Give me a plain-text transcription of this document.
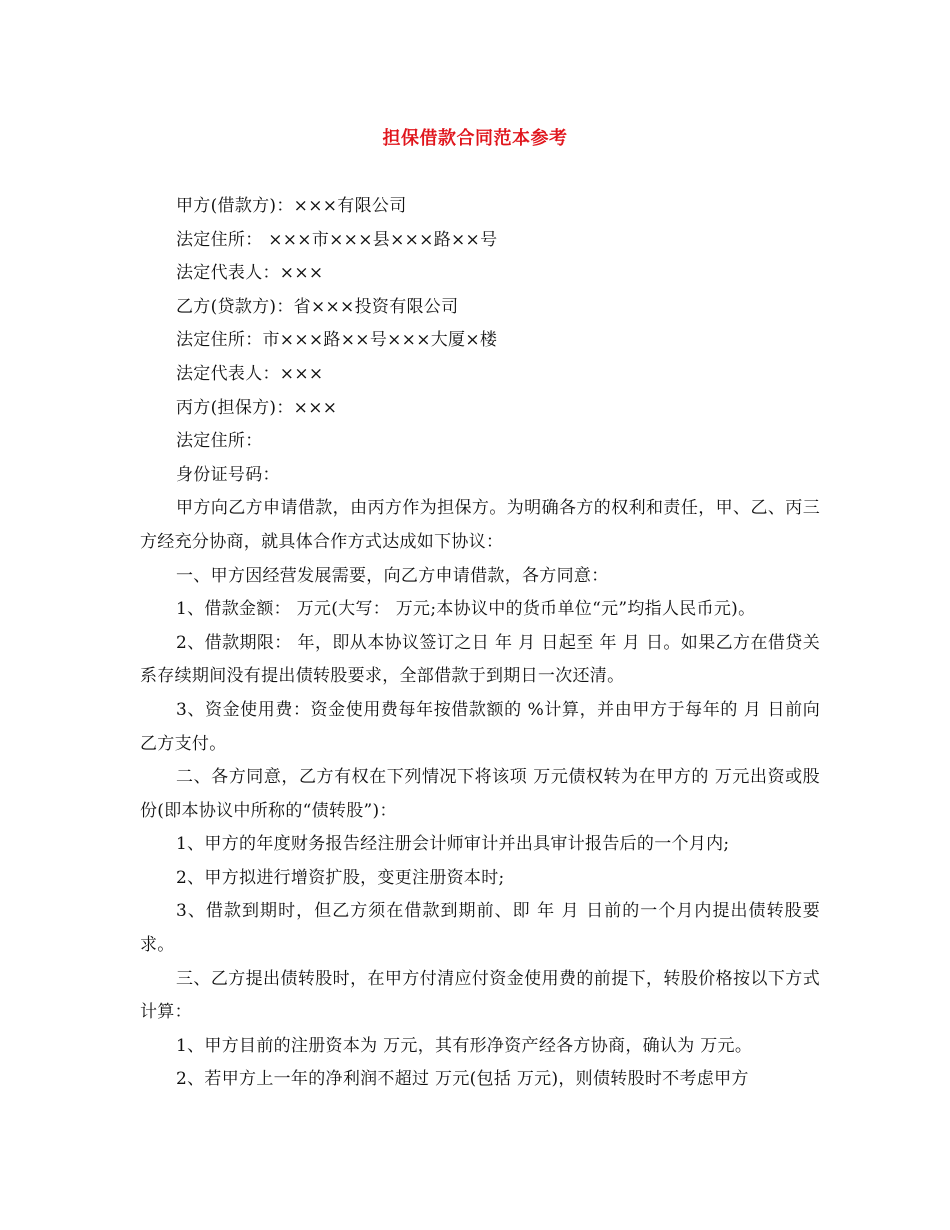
担保借款合同范本参考

甲方(借款方)：×××有限公司

法定住所： ×××市×××县×××路××号

法定代表人：×××

乙方(贷款方)：省×××投资有限公司

法定住所：市×××路××号×××大厦×楼

法定代表人：×××

丙方(担保方)：×××

法定住所：

身份证号码：

甲方向乙方申请借款，由丙方作为担保方。为明确各方的权利和责任，甲、乙、丙三方经充分协商，就具体合作方式达成如下协议：

一、甲方因经营发展需要，向乙方申请借款，各方同意：

1、借款金额： 万元(大写： 万元;本协议中的货币单位“元”均指人民币元)。

2、借款期限： 年，即从本协议签订之日 年 月 日起至 年 月 日。如果乙方在借贷关系存续期间没有提出债转股要求，全部借款于到期日一次还清。

3、资金使用费：资金使用费每年按借款额的 %计算，并由甲方于每年的 月 日前向乙方支付。

二、各方同意，乙方有权在下列情况下将该项 万元债权转为在甲方的 万元出资或股份(即本协议中所称的“债转股”)：

1、甲方的年度财务报告经注册会计师审计并出具审计报告后的一个月内;

2、甲方拟进行增资扩股，变更注册资本时;

3、借款到期时，但乙方须在借款到期前、即 年 月 日前的一个月内提出债转股要求。

三、乙方提出债转股时，在甲方付清应付资金使用费的前提下，转股价格按以下方式计算：

1、甲方目前的注册资本为 万元，其有形净资产经各方协商，确认为 万元。

2、若甲方上一年的净利润不超过 万元(包括 万元)，则债转股时不考虑甲方
